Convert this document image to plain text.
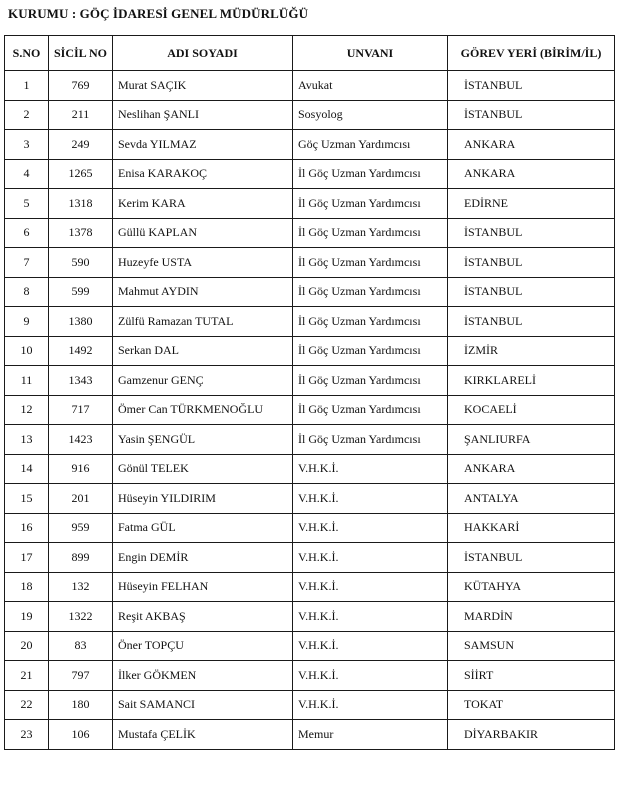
KURUMU : GÖÇ İDARESİ GENEL MÜDÜRLÜĞÜ
S.NO	SİCİL NO	ADI SOYADI	UNVANI	GÖREV YERİ (BİRİM/İL)
1	769	Murat SAÇIK	Avukat	İSTANBUL
2	211	Neslihan ŞANLI	Sosyolog	İSTANBUL
3	249	Sevda YILMAZ	Göç Uzman Yardımcısı	ANKARA
4	1265	Enisa KARAKOÇ	İl Göç Uzman Yardımcısı	ANKARA
5	1318	Kerim KARA	İl Göç Uzman Yardımcısı	EDİRNE
6	1378	Güllü KAPLAN	İl Göç Uzman Yardımcısı	İSTANBUL
7	590	Huzeyfe USTA	İl Göç Uzman Yardımcısı	İSTANBUL
8	599	Mahmut AYDIN	İl Göç Uzman Yardımcısı	İSTANBUL
9	1380	Zülfü Ramazan TUTAL	İl Göç Uzman Yardımcısı	İSTANBUL
10	1492	Serkan DAL	İl Göç Uzman Yardımcısı	İZMİR
11	1343	Gamzenur GENÇ	İl Göç Uzman Yardımcısı	KIRKLARELİ
12	717	Ömer Can TÜRKMENOĞLU	İl Göç Uzman Yardımcısı	KOCAELİ
13	1423	Yasin ŞENGÜL	İl Göç Uzman Yardımcısı	ŞANLIURFA
14	916	Gönül TELEK	V.H.K.İ.	ANKARA
15	201	Hüseyin YILDIRIM	V.H.K.İ.	ANTALYA
16	959	Fatma GÜL	V.H.K.İ.	HAKKARİ
17	899	Engin DEMİR	V.H.K.İ.	İSTANBUL
18	132	Hüseyin FELHAN	V.H.K.İ.	KÜTAHYA
19	1322	Reşit AKBAŞ	V.H.K.İ.	MARDİN
20	83	Öner TOPÇU	V.H.K.İ.	SAMSUN
21	797	İlker GÖKMEN	V.H.K.İ.	SİİRT
22	180	Sait SAMANCI	V.H.K.İ.	TOKAT
23	106	Mustafa ÇELİK	Memur	DİYARBAKIR
